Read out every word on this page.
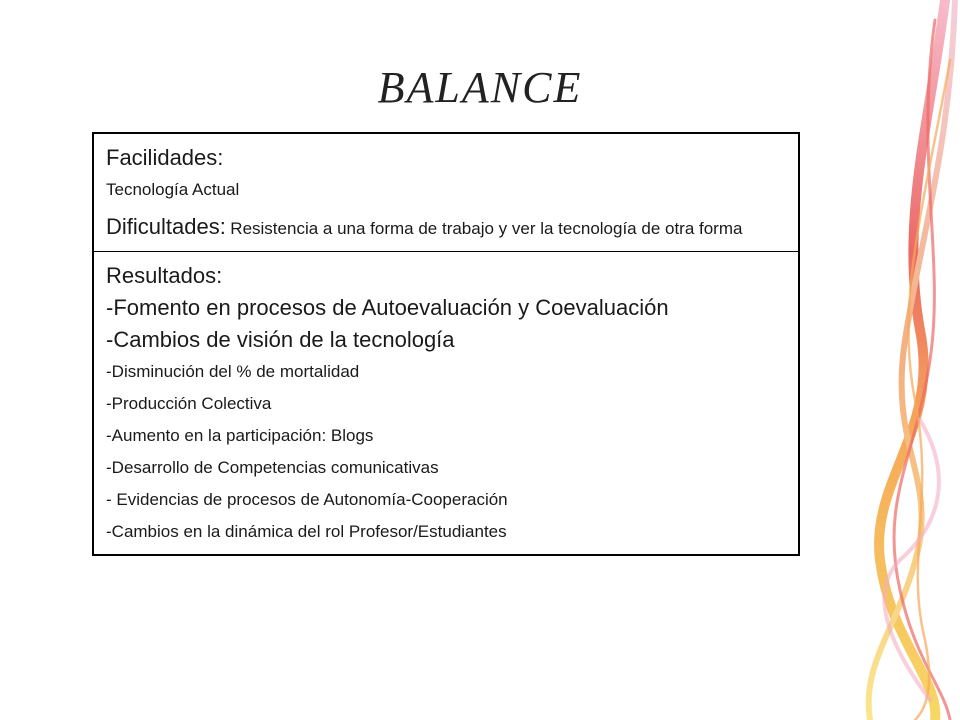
BALANCE
Facilidades:
Tecnología Actual
Dificultades: Resistencia a una forma de trabajo y ver la tecnología de otra forma
Resultados:
-Fomento en procesos de Autoevaluación y Coevaluación
-Cambios de visión de la tecnología
-Disminución del % de mortalidad
-Producción Colectiva
-Aumento en la participación: Blogs
-Desarrollo de Competencias comunicativas
- Evidencias de procesos de Autonomía-Cooperación
-Cambios en la dinámica del rol Profesor/Estudiantes
